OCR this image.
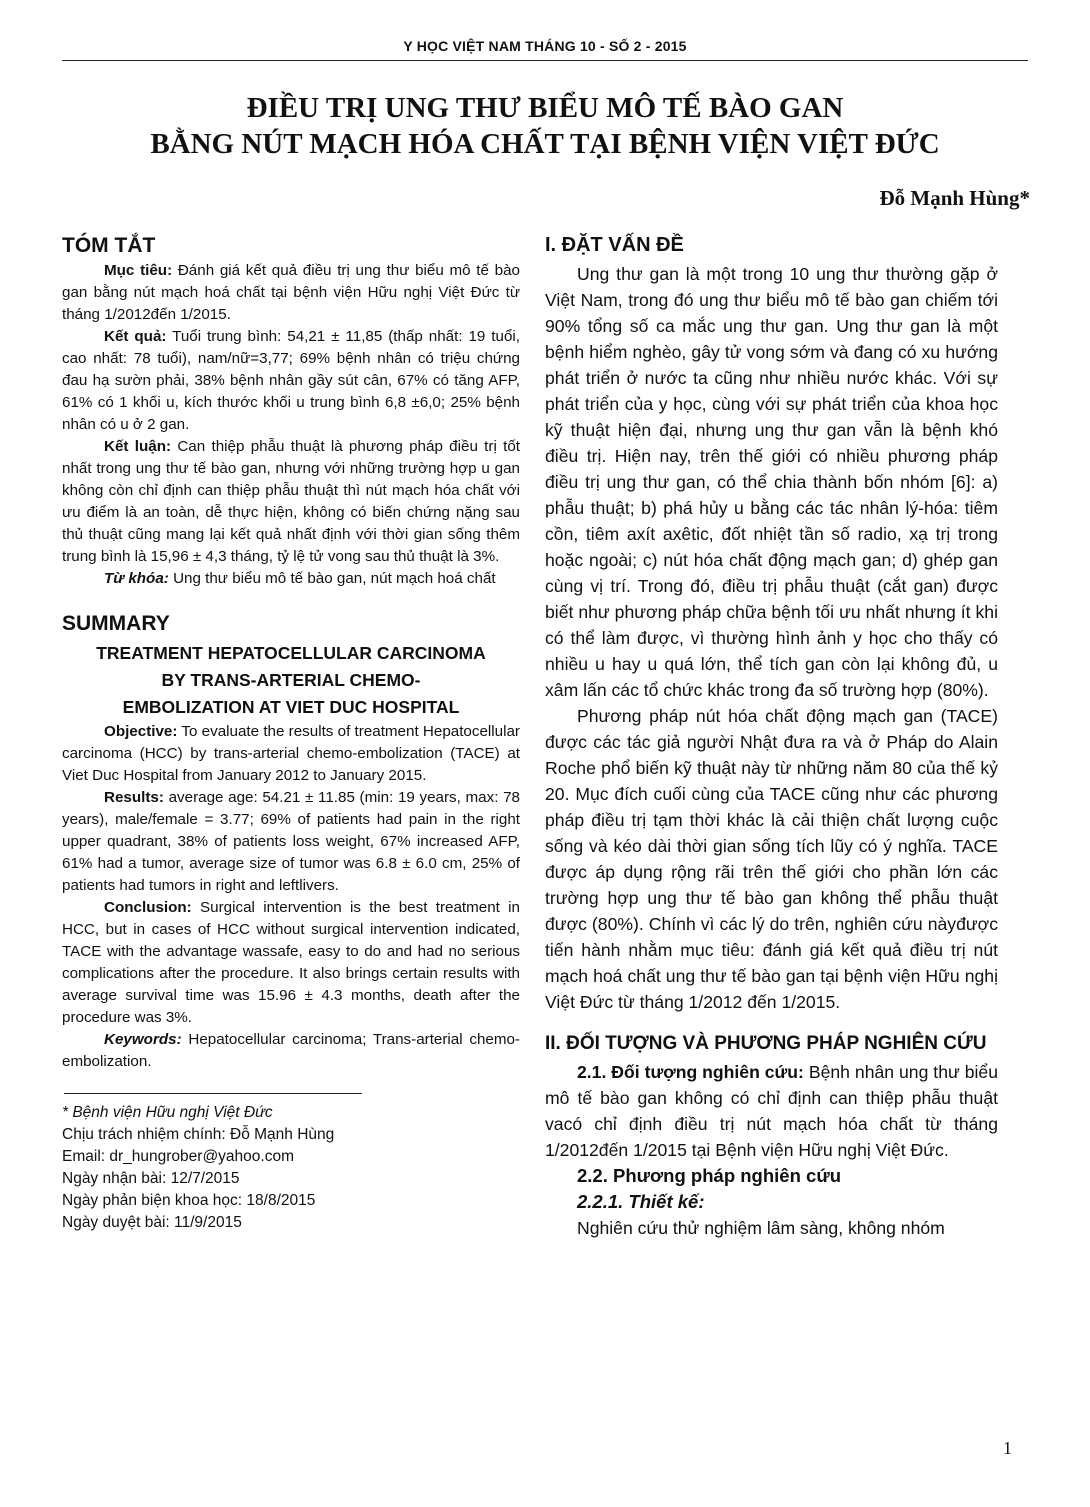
Y HỌC VIỆT NAM THÁNG 10 - SỐ 2 - 2015
ĐIỀU TRỊ UNG THƯ BIỂU MÔ TẾ BÀO GAN
BẰNG NÚT MẠCH HÓA CHẤT TẠI BỆNH VIỆN VIỆT ĐỨC
Đỗ Mạnh Hùng*
TÓM TẮT

Mục tiêu: Đánh giá kết quả điều trị ung thư biểu mô tế bào gan bằng nút mạch hoá chất tại bệnh viện Hữu nghị Việt Đức từ tháng 1/2012đến 1/2015.

Kết quả: Tuổi trung bình: 54,21 ± 11,85 (thấp nhất: 19 tuổi, cao nhất: 78 tuổi), nam/nữ=3,77; 69% bệnh nhân có triệu chứng đau hạ sườn phải, 38% bệnh nhân gầy sút cân, 67% có tăng AFP, 61% có 1 khối u, kích thước khối u trung bình 6,8 ±6,0; 25% bệnh nhân có u ở 2 gan.

Kết luận: Can thiệp phẫu thuật là phương pháp điều trị tốt nhất trong ung thư tế bào gan, nhưng với những trường hợp u gan không còn chỉ định can thiệp phẫu thuật thì nút mạch hóa chất với ưu điểm là an toàn, dễ thực hiện, không có biến chứng nặng sau thủ thuật cũng mang lại kết quả nhất định với thời gian sống thêm trung bình là 15,96 ± 4,3 tháng, tỷ lệ tử vong sau thủ thuật là 3%.

Từ khóa: Ung thư biểu mô tế bào gan, nút mạch hoá chất

SUMMARY
TREATMENT HEPATOCELLULAR CARCINOMA
BY TRANS-ARTERIAL CHEMO-
EMBOLIZATION AT VIET DUC HOSPITAL

Objective: To evaluate the results of treatment Hepatocellular carcinoma (HCC) by trans-arterial chemo-embolization (TACE) at Viet Duc Hospital from January 2012 to January 2015.

Results: average age: 54.21 ± 11.85 (min: 19 years, max: 78 years), male/female = 3.77; 69% of patients had pain in the right upper quadrant, 38% of patients loss weight, 67% increased AFP, 61% had a tumor, average size of tumor was 6.8 ± 6.0 cm, 25% of patients had tumors in right and leftlivers.

Conclusion: Surgical intervention is the best treatment in HCC, but in cases of HCC without surgical intervention indicated, TACE with the advantage wassafe, easy to do and had no serious complications after the procedure. It also brings certain results with average survival time was 15.96 ± 4.3 months, death after the procedure was 3%.

Keywords: Hepatocellular carcinoma; Trans-arterial chemo-embolization.

* Bệnh viện Hữu nghị Việt Đức

Chịu trách nhiệm chính: Đỗ Mạnh Hùng

Email: dr_hungrober@yahoo.com

Ngày nhận bài: 12/7/2015

Ngày phản biện khoa học: 18/8/2015

Ngày duyệt bài: 11/9/2015

I. ĐẶT VẤN ĐỀ

Ung thư gan là một trong 10 ung thư thường gặp ở Việt Nam, trong đó ung thư biểu mô tế bào gan chiếm tới 90% tổng số ca mắc ung thư gan. Ung thư gan là một bệnh hiểm nghèo, gây tử vong sớm và đang có xu hướng phát triển ở nước ta cũng như nhiều nước khác. Với sự phát triển của y học, cùng với sự phát triển của khoa học kỹ thuật hiện đại, nhưng ung thư gan vẫn là bệnh khó điều trị. Hiện nay, trên thế giới có nhiều phương pháp điều trị ung thư gan, có thể chia thành bốn nhóm [6]: a) phẫu thuật; b) phá hủy u bằng các tác nhân lý-hóa: tiêm cồn, tiêm axít axêtic, đốt nhiệt tần số radio, xạ trị trong hoặc ngoài; c) nút hóa chất động mạch gan; d) ghép gan cùng vị trí. Trong đó, điều trị phẫu thuật (cắt gan) được biết như phương pháp chữa bệnh tối ưu nhất nhưng ít khi có thể làm được, vì thường hình ảnh y học cho thấy có nhiều u hay u quá lớn, thể tích gan còn lại không đủ, u xâm lấn các tổ chức khác trong đa số trường hợp (80%).

Phương pháp nút hóa chất động mạch gan (TACE) được các tác giả người Nhật đưa ra và ở Pháp do Alain Roche phổ biến kỹ thuật này từ những năm 80 của thế kỷ 20. Mục đích cuối cùng của TACE cũng như các phương pháp điều trị tạm thời khác là cải thiện chất lượng cuộc sống và kéo dài thời gian sống tích lũy có ý nghĩa. TACE được áp dụng rộng rãi trên thế giới cho phần lớn các trường hợp ung thư tế bào gan không thể phẫu thuật được (80%). Chính vì các lý do trên, nghiên cứu nàyđược tiến hành nhằm mục tiêu: đánh giá kết quả điều trị nút mạch hoá chất ung thư tế bào gan tại bệnh viện Hữu nghị Việt Đức từ tháng 1/2012 đến 1/2015.

II. ĐỐI TƯỢNG VÀ PHƯƠNG PHÁP NGHIÊN CỨU

2.1. Đối tượng nghiên cứu: Bệnh nhân ung thư biểu mô tế bào gan không có chỉ định can thiệp phẫu thuật vacó chỉ định điều trị nút mạch hóa chất từ tháng 1/2012đến 1/2015 tại Bệnh viện Hữu nghị Việt Đức.

2.2. Phương pháp nghiên cứu
2.2.1. Thiết kế:

Nghiên cứu thử nghiệm lâm sàng, không nhóm

1
